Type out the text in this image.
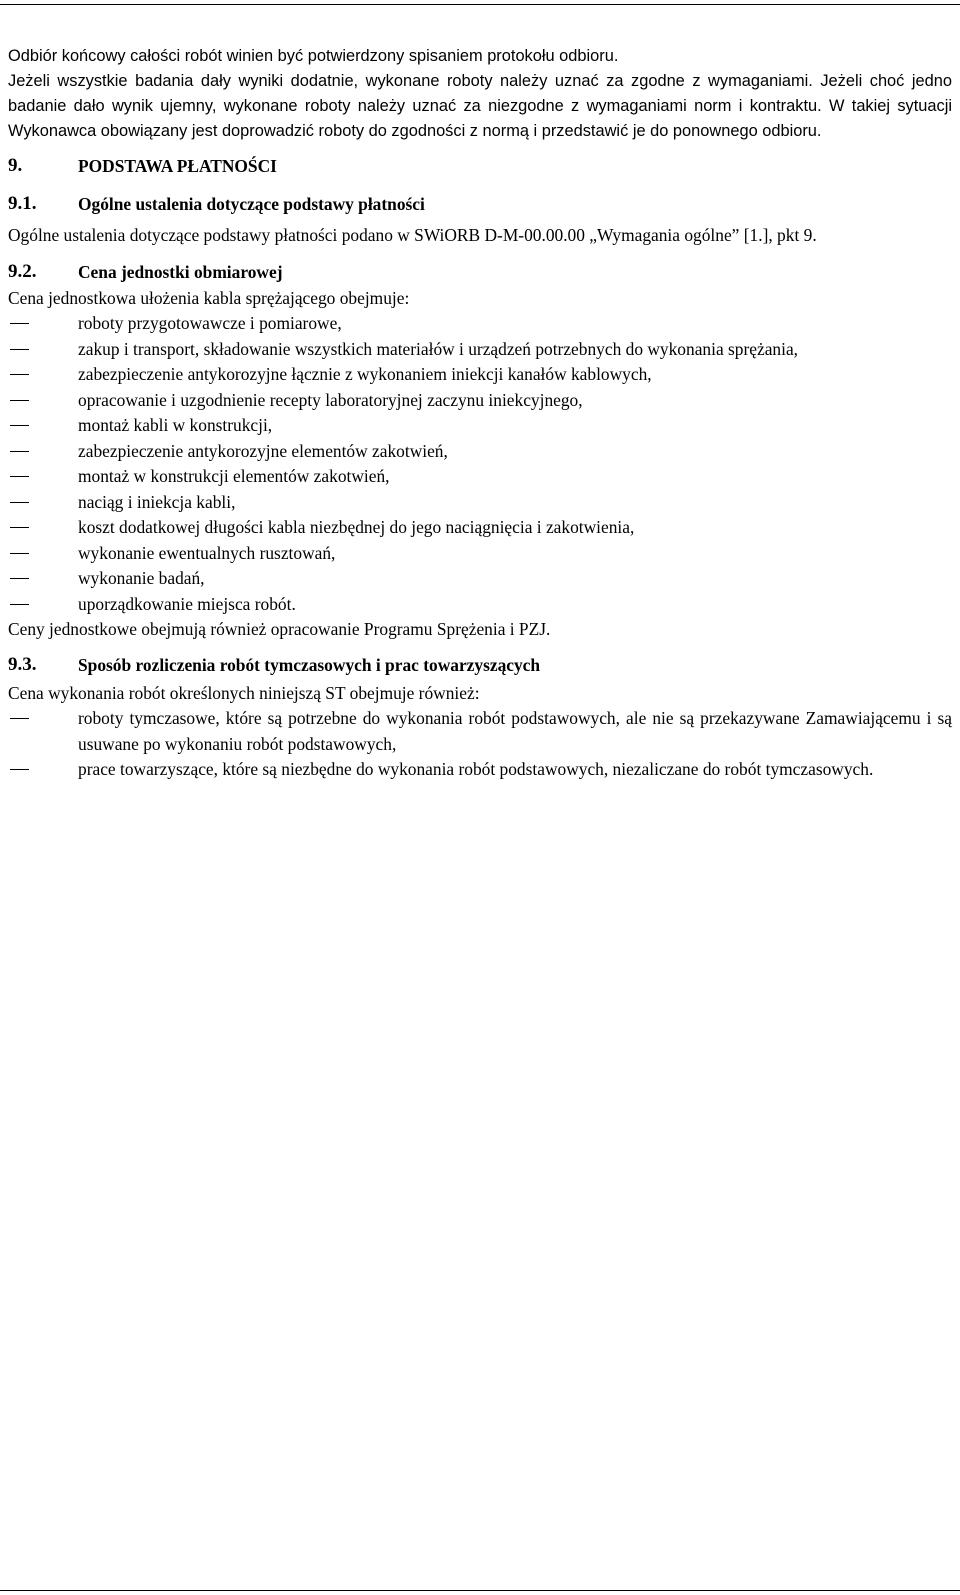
Odbiór końcowy całości robót winien być potwierdzony spisaniem protokołu odbioru.

Jeżeli wszystkie badania dały wyniki dodatnie, wykonane roboty należy uznać za zgodne z wymaganiami. Jeżeli choć jedno badanie dało wynik ujemny, wykonane roboty należy uznać za niezgodne z wymaganiami norm i kontraktu. W takiej sytuacji Wykonawca obowiązany jest doprowadzić roboty do zgodności z normą i przedstawić je do ponownego odbioru.

9.	PODSTAWA PŁATNOŚCI
9.1.	Ogólne ustalenia dotyczące podstawy płatności

Ogólne ustalenia dotyczące podstawy płatności podano w SWiORB D-M-00.00.00 „Wymagania ogólne” [1.], pkt 9.

9.2.	Cena jednostki obmiarowej

Cena jednostkowa ułożenia kabla sprężającego obejmuje:

roboty przygotowawcze i pomiarowe,
zakup i transport, składowanie wszystkich materiałów i urządzeń potrzebnych do wykonania sprężania,
zabezpieczenie antykorozyjne łącznie z wykonaniem iniekcji kanałów kablowych,
opracowanie i uzgodnienie recepty laboratoryjnej zaczynu iniekcyjnego,
montaż kabli w konstrukcji,
zabezpieczenie antykorozyjne elementów zakotwień,
montaż w konstrukcji elementów zakotwień,
naciąg i iniekcja kabli,
koszt dodatkowej długości kabla niezbędnej do jego naciągnięcia i zakotwienia,
wykonanie ewentualnych rusztowań,
wykonanie badań,
uporządkowanie miejsca robót.

Ceny jednostkowe obejmują również opracowanie Programu Sprężenia i PZJ.

9.3.	Sposób rozliczenia robót tymczasowych i prac towarzyszących

Cena wykonania robót określonych niniejszą ST obejmuje również:

roboty tymczasowe, które są potrzebne do wykonania robót podstawowych, ale nie są przekazywane Zamawiającemu i są usuwane po wykonaniu robót podstawowych,
prace towarzyszące, które są niezbędne do wykonania robót podstawowych, niezaliczane do robót tymczasowych.
